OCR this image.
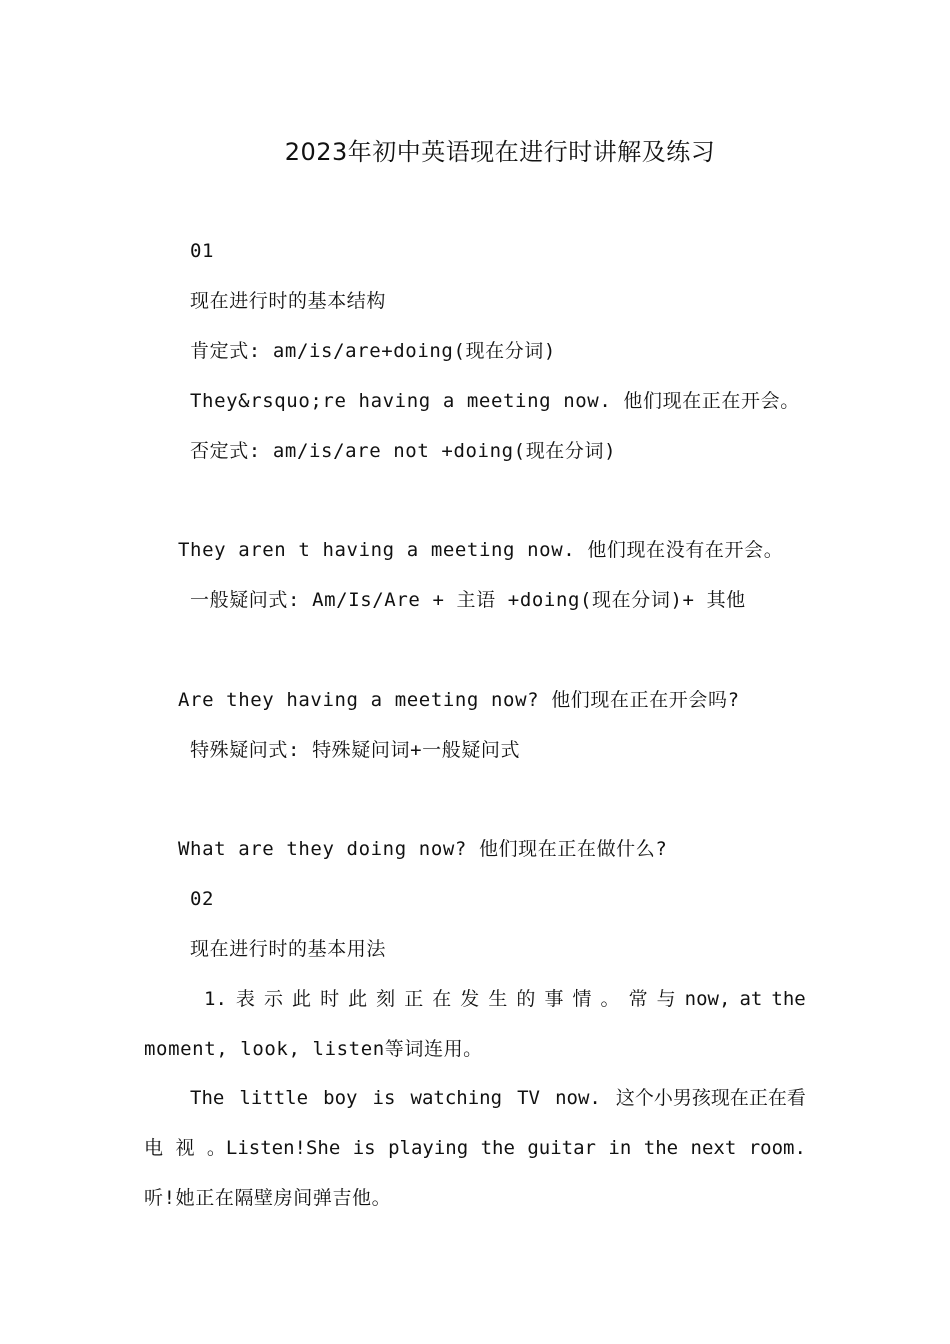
2023年初中英语现在进行时讲解及练习
01
现在进行时的基本结构
肯定式: am/is/are+doing(现在分词)
They&rsquo;re having a meeting now. 他们现在正在开会。
否定式: am/is/are not +doing(现在分词)
They aren t having a meeting now. 他们现在没有在开会。
一般疑问式: Am/Is/Are + 主语 +doing(现在分词)+ 其他
Are they having a meeting now? 他们现在正在开会吗?
特殊疑问式: 特殊疑问词+一般疑问式
What are they doing now? 他们现在正在做什么?
02
现在进行时的基本用法
1. 表 示 此 时 此 刻 正 在 发 生 的 事 情 。 常 与 now, at the
moment, look, listen等词连用。
The little boy is watching TV now. 这个小男孩现在正在看
电 视 。Listen!She is playing the guitar in the next room.
听!她正在隔壁房间弹吉他。
